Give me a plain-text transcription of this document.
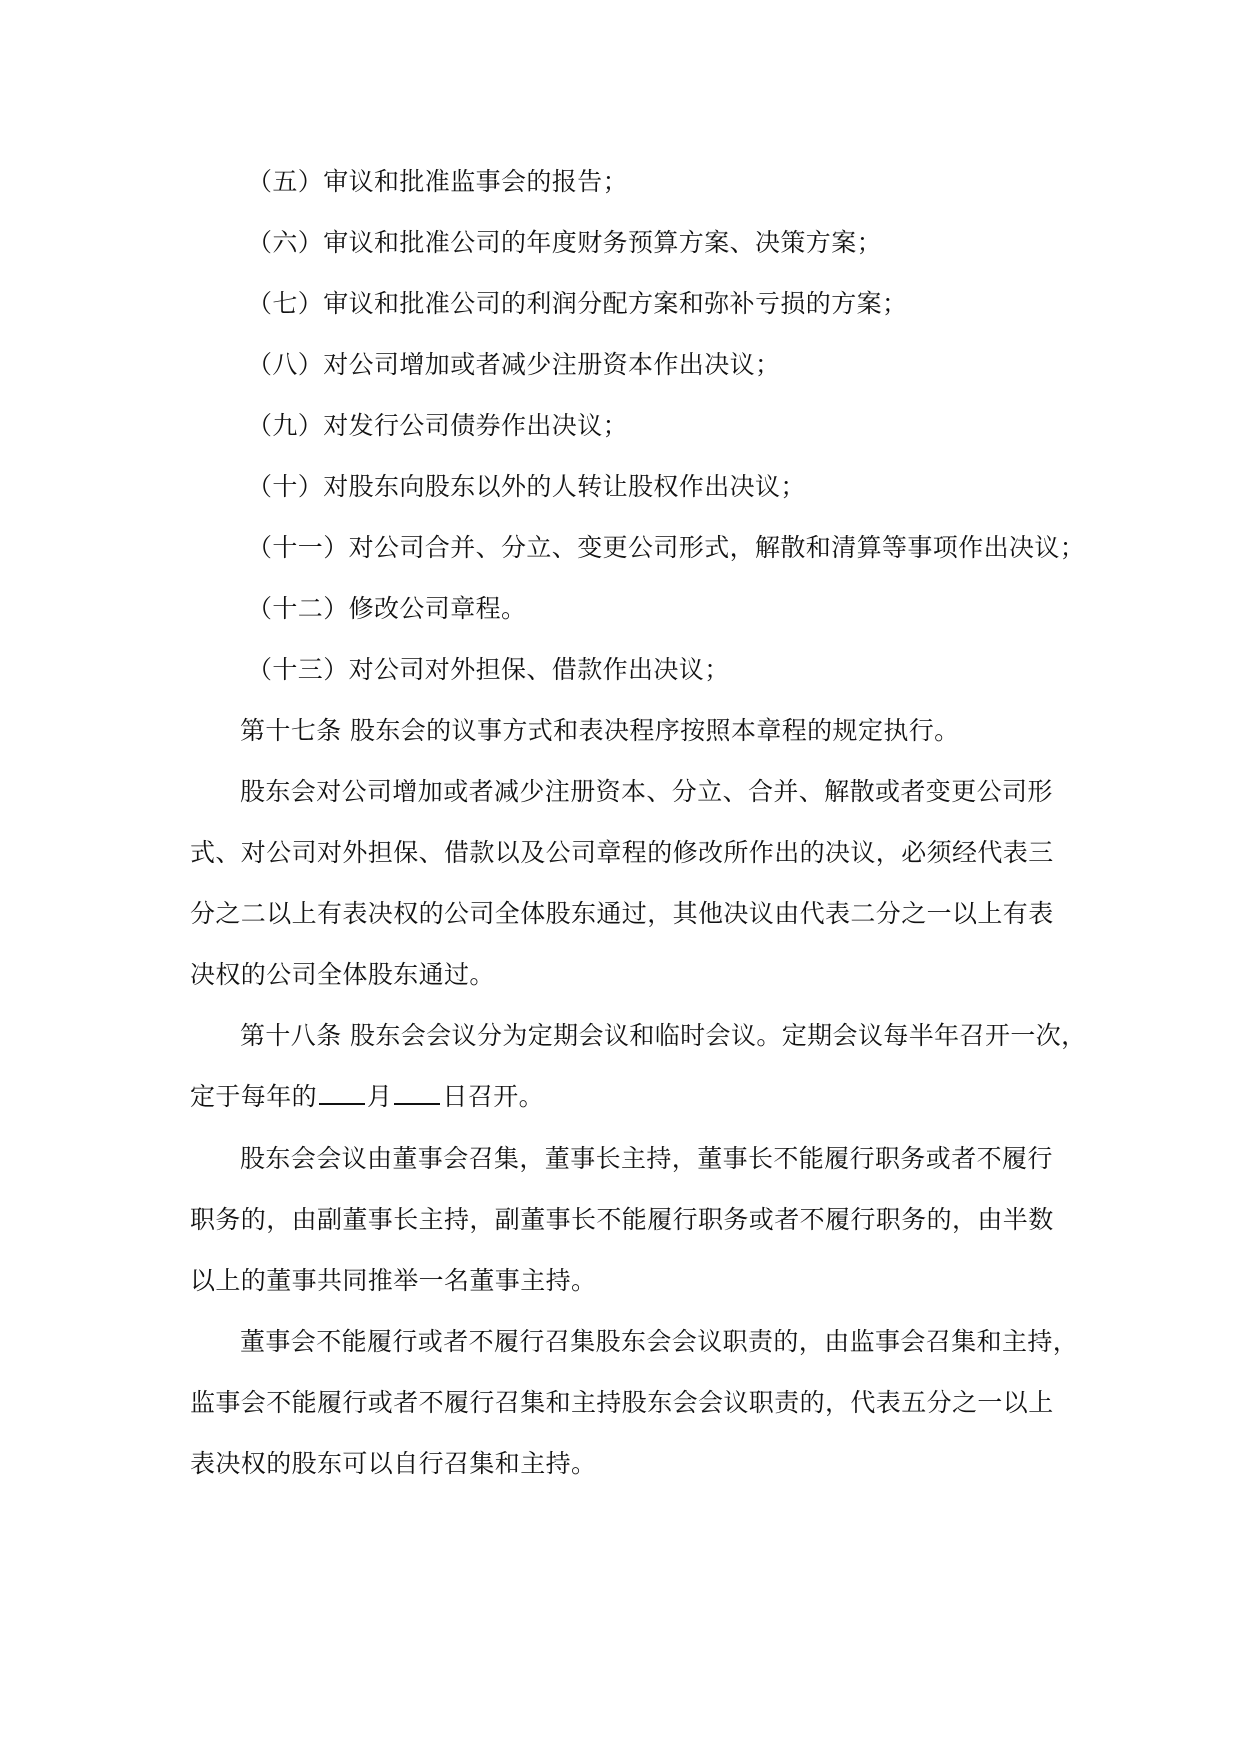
（五）审议和批准监事会的报告；
（六）审议和批准公司的年度财务预算方案、决策方案；
（七）审议和批准公司的利润分配方案和弥补亏损的方案；
（八）对公司增加或者减少注册资本作出决议；
（九）对发行公司债券作出决议；
（十）对股东向股东以外的人转让股权作出决议；
（十一）对公司合并、分立、变更公司形式，解散和清算等事项作出决议；
（十二）修改公司章程。
（十三）对公司对外担保、借款作出决议；
第十七条 股东会的议事方式和表决程序按照本章程的规定执行。
股东会对公司增加或者减少注册资本、分立、合并、解散或者变更公司形
式、对公司对外担保、借款以及公司章程的修改所作出的决议，必须经代表三
分之二以上有表决权的公司全体股东通过，其他决议由代表二分之一以上有表
决权的公司全体股东通过。
第十八条 股东会会议分为定期会议和临时会议。定期会议每半年召开一次，
定于每年的 月 日召开。
股东会会议由董事会召集，董事长主持，董事长不能履行职务或者不履行
职务的，由副董事长主持，副董事长不能履行职务或者不履行职务的，由半数
以上的董事共同推举一名董事主持。
董事会不能履行或者不履行召集股东会会议职责的，由监事会召集和主持，
监事会不能履行或者不履行召集和主持股东会会议职责的，代表五分之一以上
表决权的股东可以自行召集和主持。
